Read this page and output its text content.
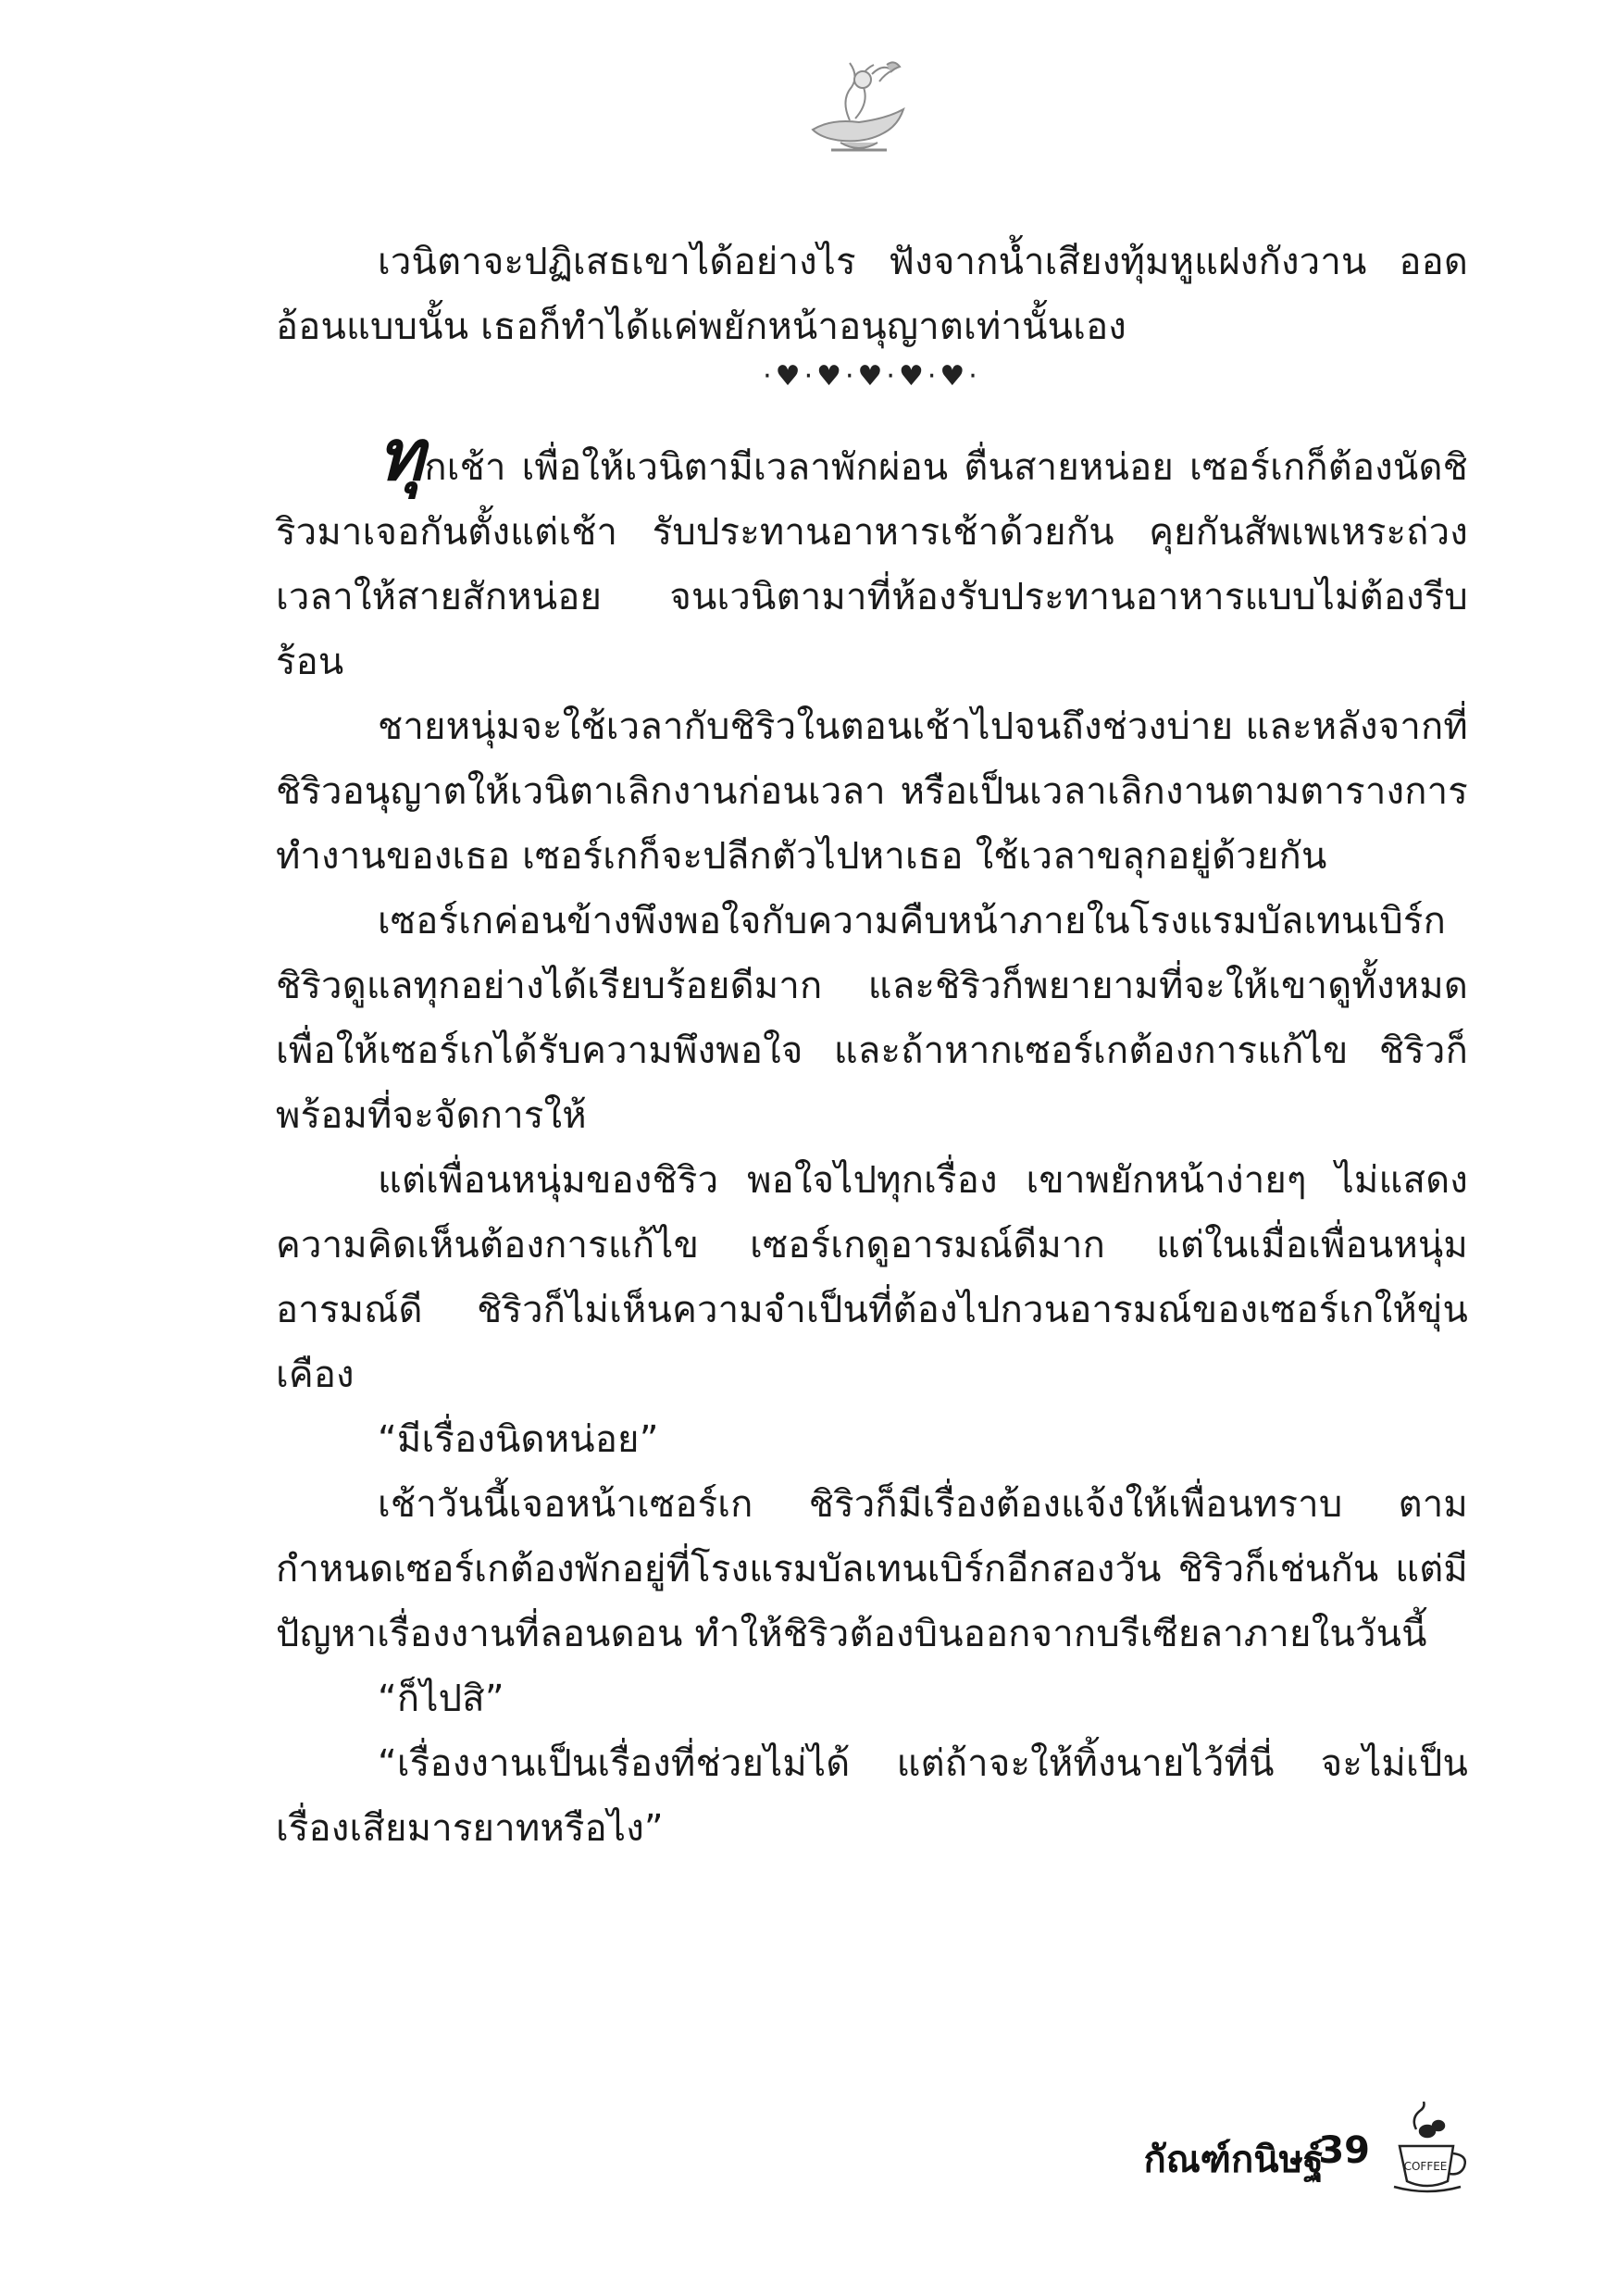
เวนิตาจะปฏิเสธเขาได้อย่างไร ฟังจากน้ำเสียงทุ้มหูแฝงกังวาน ออดอ้อนแบบนั้น เธอก็ทำได้แค่พยักหน้าอนุญาตเท่านั้นเอง

·♥·♥·♥·♥·♥·

ทุกเช้า เพื่อให้เวนิตามีเวลาพักผ่อน ตื่นสายหน่อย เซอร์เกก็ต้องนัดชิริวมาเจอกันตั้งแต่เช้า รับประทานอาหารเช้าด้วยกัน คุยกันสัพเพเหระถ่วงเวลาให้สายสักหน่อย จนเวนิตามาที่ห้องรับประทานอาหารแบบไม่ต้องรีบร้อน

ชายหนุ่มจะใช้เวลากับชิริวในตอนเช้าไปจนถึงช่วงบ่าย และหลังจากที่ชิริวอนุญาตให้เวนิตาเลิกงานก่อนเวลา หรือเป็นเวลาเลิกงานตามตารางการทำงานของเธอ เซอร์เกก็จะปลีกตัวไปหาเธอ ใช้เวลาขลุกอยู่ด้วยกัน

เซอร์เกค่อนข้างพึงพอใจกับความคืบหน้าภายในโรงแรมบัลเทนเบิร์ก ชิริวดูแลทุกอย่างได้เรียบร้อยดีมาก และชิริวก็พยายามที่จะให้เขาดูทั้งหมดเพื่อให้เซอร์เกได้รับความพึงพอใจ และถ้าหากเซอร์เกต้องการแก้ไข ชิริวก็พร้อมที่จะจัดการให้

แต่เพื่อนหนุ่มของชิริว พอใจไปทุกเรื่อง เขาพยักหน้าง่ายๆ ไม่แสดงความคิดเห็นต้องการแก้ไข เซอร์เกดูอารมณ์ดีมาก แต่ในเมื่อเพื่อนหนุ่มอารมณ์ดี ชิริวก็ไม่เห็นความจำเป็นที่ต้องไปกวนอารมณ์ของเซอร์เกให้ขุ่นเคือง

“มีเรื่องนิดหน่อย”

เช้าวันนี้เจอหน้าเซอร์เก ชิริวก็มีเรื่องต้องแจ้งให้เพื่อนทราบ ตามกำหนดเซอร์เกต้องพักอยู่ที่โรงแรมบัลเทนเบิร์กอีกสองวัน ชิริวก็เช่นกัน แต่มีปัญหาเรื่องงานที่ลอนดอน ทำให้ชิริวต้องบินออกจากบรีเซียลาภายในวันนี้

“ก็ไปสิ”

“เรื่องงานเป็นเรื่องที่ช่วยไม่ได้ แต่ถ้าจะให้ทิ้งนายไว้ที่นี่ จะไม่เป็นเรื่องเสียมารยาทหรือไง”

กัณฑ์กนิษฐ์
39	COFFEE
